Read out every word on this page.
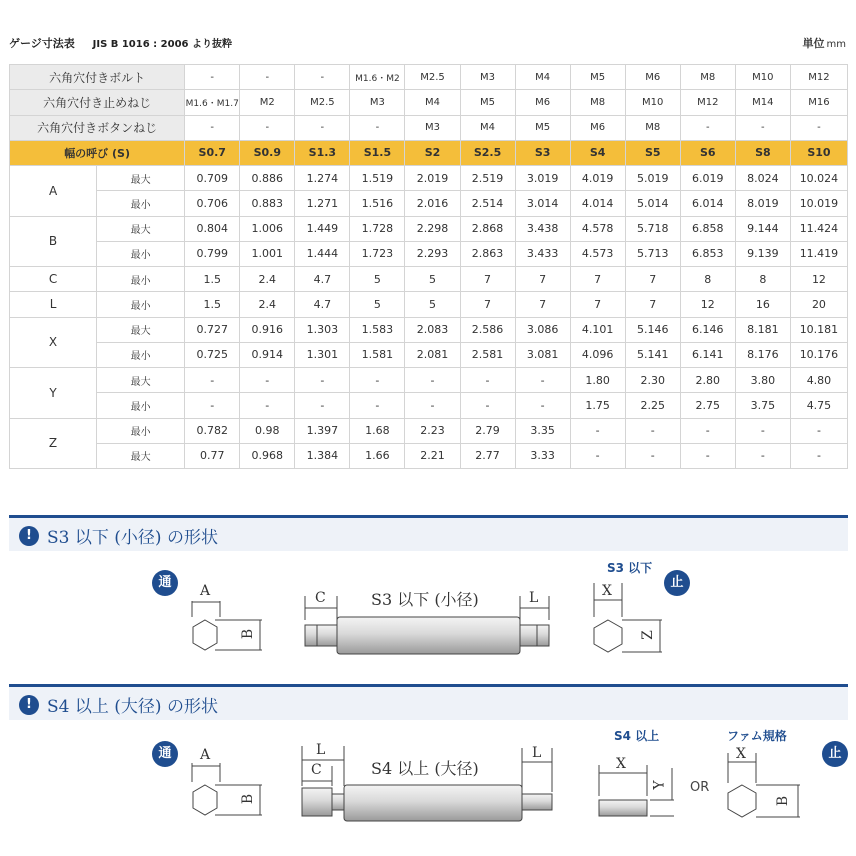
ゲージ寸法表 JIS B 1016 : 2006 より抜粋	単位 mm
六角穴付きボルト		-	-	-	M1.6・M2	M2.5	M3	M4	M5	M6	M8	M10	M12
六角穴付き止めねじ		M1.6・M1.7	M2	M2.5	M3	M4	M5	M6	M8	M10	M12	M14	M16
六角穴付きボタンねじ		-	-	-	-	M3	M4	M5	M6	M8	-	-	-
幅の呼び (S)		S0.7	S0.9	S1.3	S1.5	S2	S2.5	S3	S4	S5	S6	S8	S10
A	最大	0.709	0.886	1.274	1.519	2.019	2.519	3.019	4.019	5.019	6.019	8.024	10.024
	最小	0.706	0.883	1.271	1.516	2.016	2.514	3.014	4.014	5.014	6.014	8.019	10.019
B	最大	0.804	1.006	1.449	1.728	2.298	2.868	3.438	4.578	5.718	6.858	9.144	11.424
	最小	0.799	1.001	1.444	1.723	2.293	2.863	3.433	4.573	5.713	6.853	9.139	11.419
C	最小	1.5	2.4	4.7	5	5	7	7	7	7	8	8	12
L	最小	1.5	2.4	4.7	5	5	7	7	7	7	12	16	20
X	最大	0.727	0.916	1.303	1.583	2.083	2.586	3.086	4.101	5.146	6.146	8.181	10.181
	最小	0.725	0.914	1.301	1.581	2.081	2.581	3.081	4.096	5.141	6.141	8.176	10.176
Y	最大	-	-	-	-	-	-	-	1.80	2.30	2.80	3.80	4.80
	最小	-	-	-	-	-	-	-	1.75	2.25	2.75	3.75	4.75
Z	最小	0.782	0.98	1.397	1.68	2.23	2.79	3.35	-	-	-	-	-
	最大	0.77	0.968	1.384	1.66	2.21	2.77	3.33	-	-	-	-	-
! S3 以下 (小径) の形状
! S4 以上 (大径) の形状
通	止
A
B
C	L
S3 以下 (小径)
S3 以下
X
Z
通	止
A
B
L
C
L
S4 以上 (大径)
S4 以上	ファム規格
X
Y OR
X
B
